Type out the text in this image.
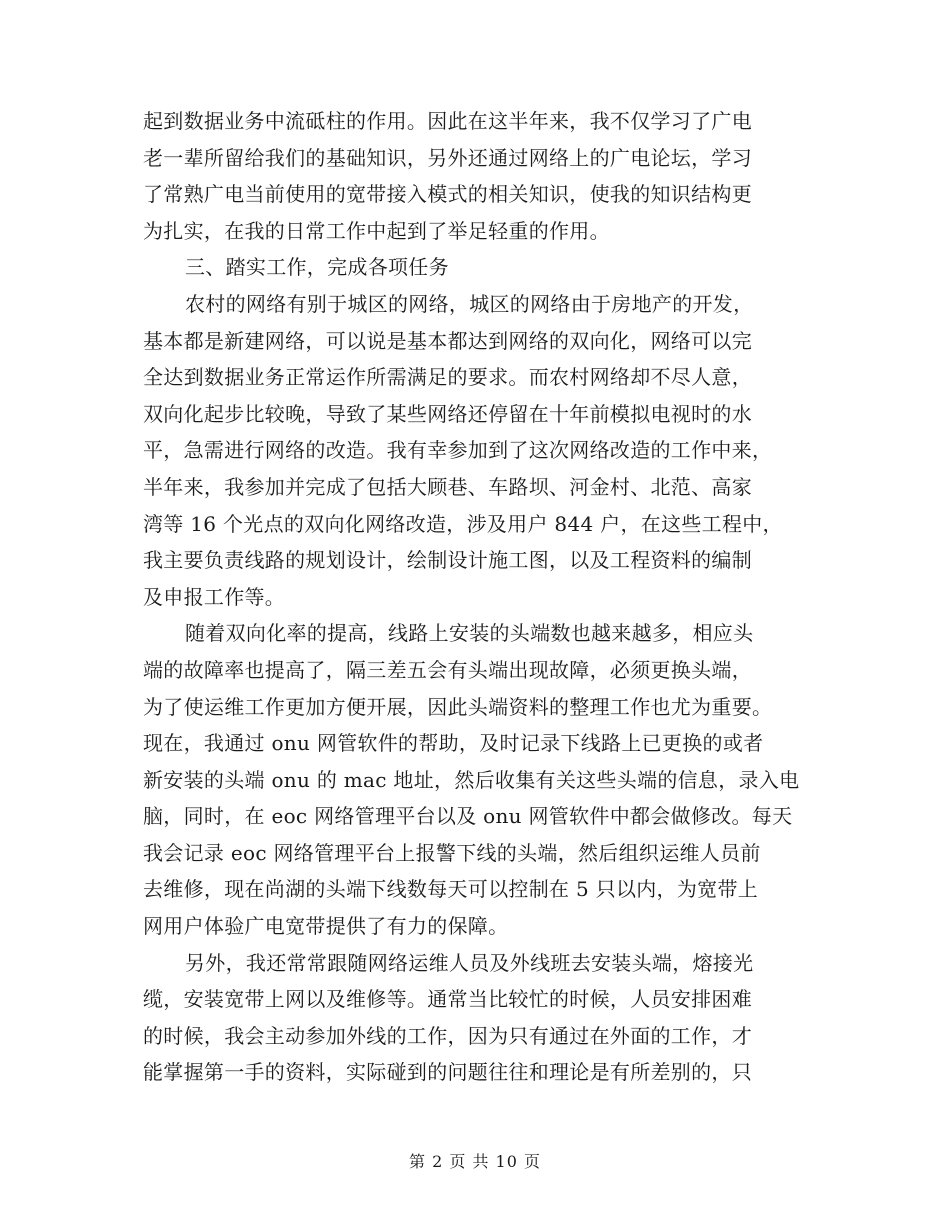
起到数据业务中流砥柱的作用。因此在这半年来，我不仅学习了广电
老一辈所留给我们的基础知识，另外还通过网络上的广电论坛，学习
了常熟广电当前使用的宽带接入模式的相关知识，使我的知识结构更
为扎实，在我的日常工作中起到了举足轻重的作用。
三、踏实工作，完成各项任务
农村的网络有别于城区的网络，城区的网络由于房地产的开发，
基本都是新建网络，可以说是基本都达到网络的双向化，网络可以完
全达到数据业务正常运作所需满足的要求。而农村网络却不尽人意，
双向化起步比较晚，导致了某些网络还停留在十年前模拟电视时的水
平，急需进行网络的改造。我有幸参加到了这次网络改造的工作中来，
半年来，我参加并完成了包括大顾巷、车路坝、河金村、北范、高家
湾等 16 个光点的双向化网络改造，涉及用户 844 户，在这些工程中，
我主要负责线路的规划设计，绘制设计施工图，以及工程资料的编制
及申报工作等。
随着双向化率的提高，线路上安装的头端数也越来越多，相应头
端的故障率也提高了，隔三差五会有头端出现故障，必须更换头端，
为了使运维工作更加方便开展，因此头端资料的整理工作也尤为重要。
现在，我通过 onu 网管软件的帮助，及时记录下线路上已更换的或者
新安装的头端 onu 的 mac 地址，然后收集有关这些头端的信息，录入电
脑，同时，在 eoc 网络管理平台以及 onu 网管软件中都会做修改。每天
我会记录 eoc 网络管理平台上报警下线的头端，然后组织运维人员前
去维修，现在尚湖的头端下线数每天可以控制在 5 只以内，为宽带上
网用户体验广电宽带提供了有力的保障。
另外，我还常常跟随网络运维人员及外线班去安装头端，熔接光
缆，安装宽带上网以及维修等。通常当比较忙的时候，人员安排困难
的时候，我会主动参加外线的工作，因为只有通过在外面的工作，才
能掌握第一手的资料，实际碰到的问题往往和理论是有所差别的，只
第 2 页 共 10 页
